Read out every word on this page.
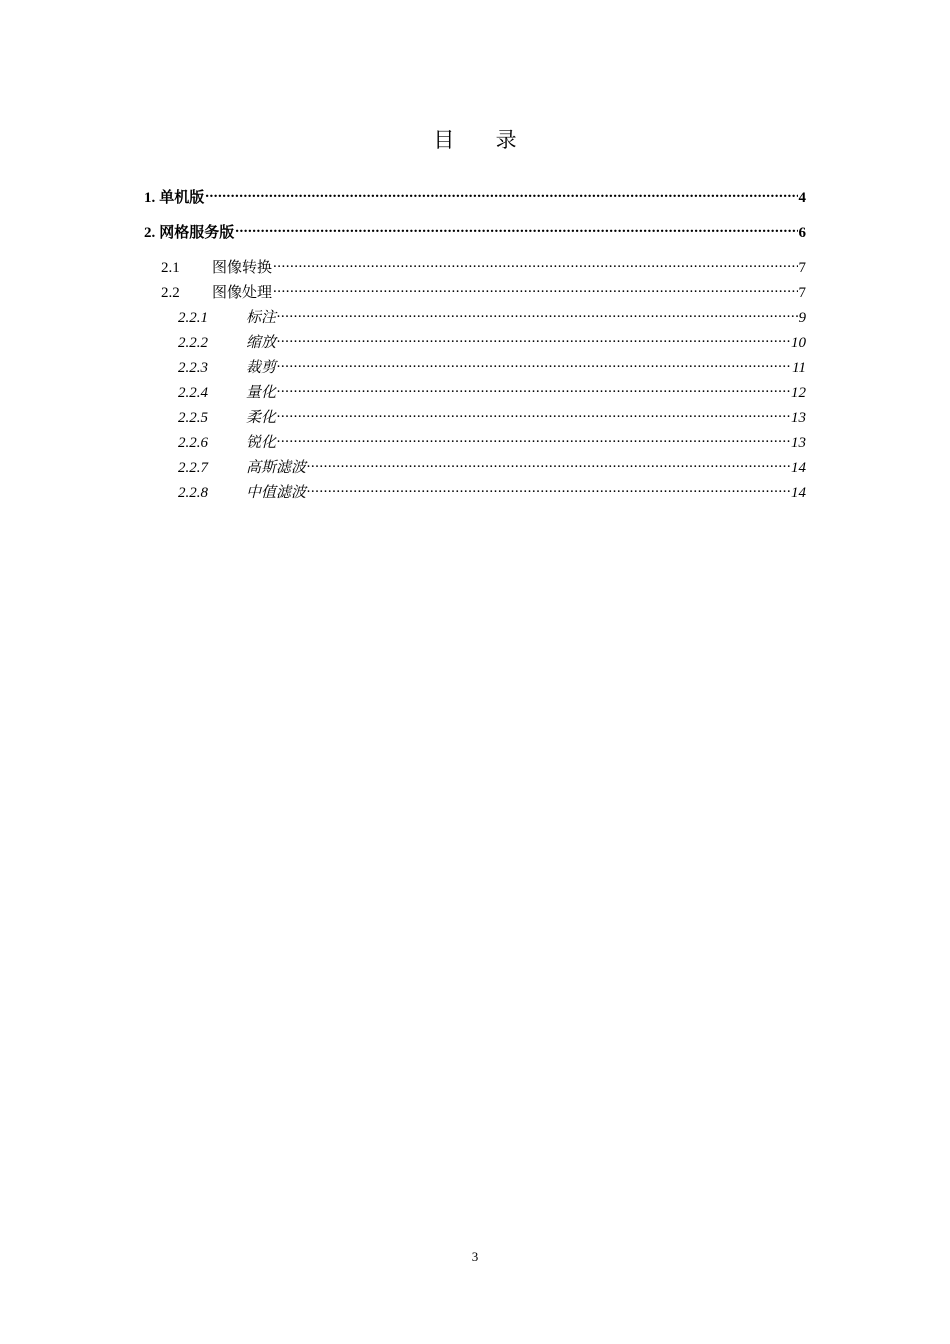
目 录
1. 单机版 .....	4
2. 网格服务版 .....	6
2.1	图像转换 .....	7
2.2	图像处理 .....	7
2.2.1	标注 .....	9
2.2.2	缩放 .....	10
2.2.3	裁剪 .....	11
2.2.4	量化 .....	12
2.2.5	柔化 .....	13
2.2.6	锐化 .....	13
2.2.7	高斯滤波 .....	14
2.2.8	中值滤波 .....	14
3
